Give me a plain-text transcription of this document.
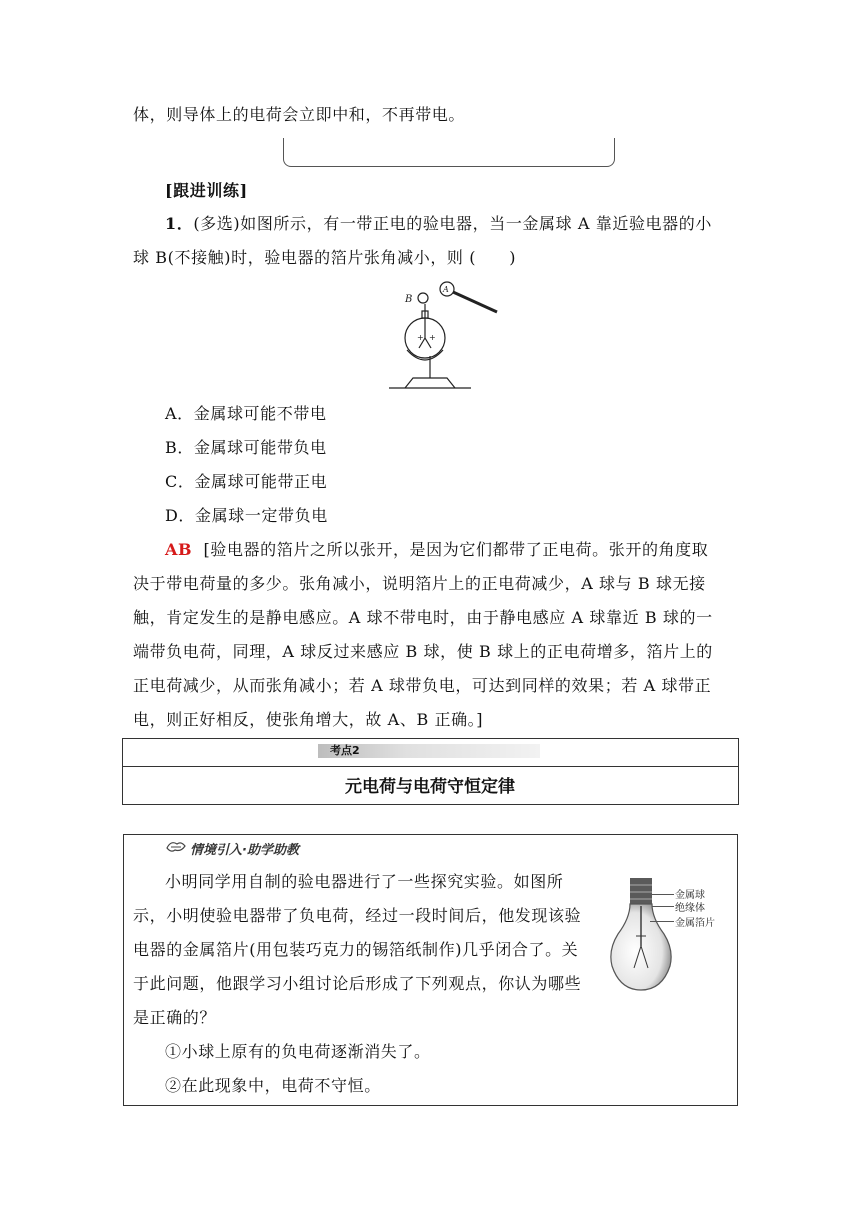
体，则导体上的电荷会立即中和，不再带电。
[跟进训练]
1．(多选)如图所示，有一带正电的验电器，当一金属球 A 靠近验电器的小
球 B(不接触)时，验电器的箔片张角减小，则 (　　)
+ +
B
A
A．金属球可能不带电
B．金属球可能带负电
C．金属球可能带正电
D．金属球一定带负电
AB [验电器的箔片之所以张开，是因为它们都带了正电荷。张开的角度取
决于带电荷量的多少。张角减小，说明箔片上的正电荷减少，A 球与 B 球无接
触，肯定发生的是静电感应。A 球不带电时，由于静电感应 A 球靠近 B 球的一
端带负电荷，同理，A 球反过来感应 B 球，使 B 球上的正电荷增多，箔片上的
正电荷减少，从而张角减小；若 A 球带负电，可达到同样的效果；若 A 球带正
电，则正好相反，使张角增大，故 A、B 正确。]
考点2
元电荷与电荷守恒定律
情境引入·助学助教
小明同学用自制的验电器进行了一些探究实验。如图所
示，小明使验电器带了负电荷，经过一段时间后，他发现该验
电器的金属箔片(用包装巧克力的锡箔纸制作)几乎闭合了。关
于此问题，他跟学习小组讨论后形成了下列观点，你认为哪些
是正确的？
①小球上原有的负电荷逐渐消失了。
②在此现象中，电荷不守恒。
金属球
绝缘体
金属箔片
